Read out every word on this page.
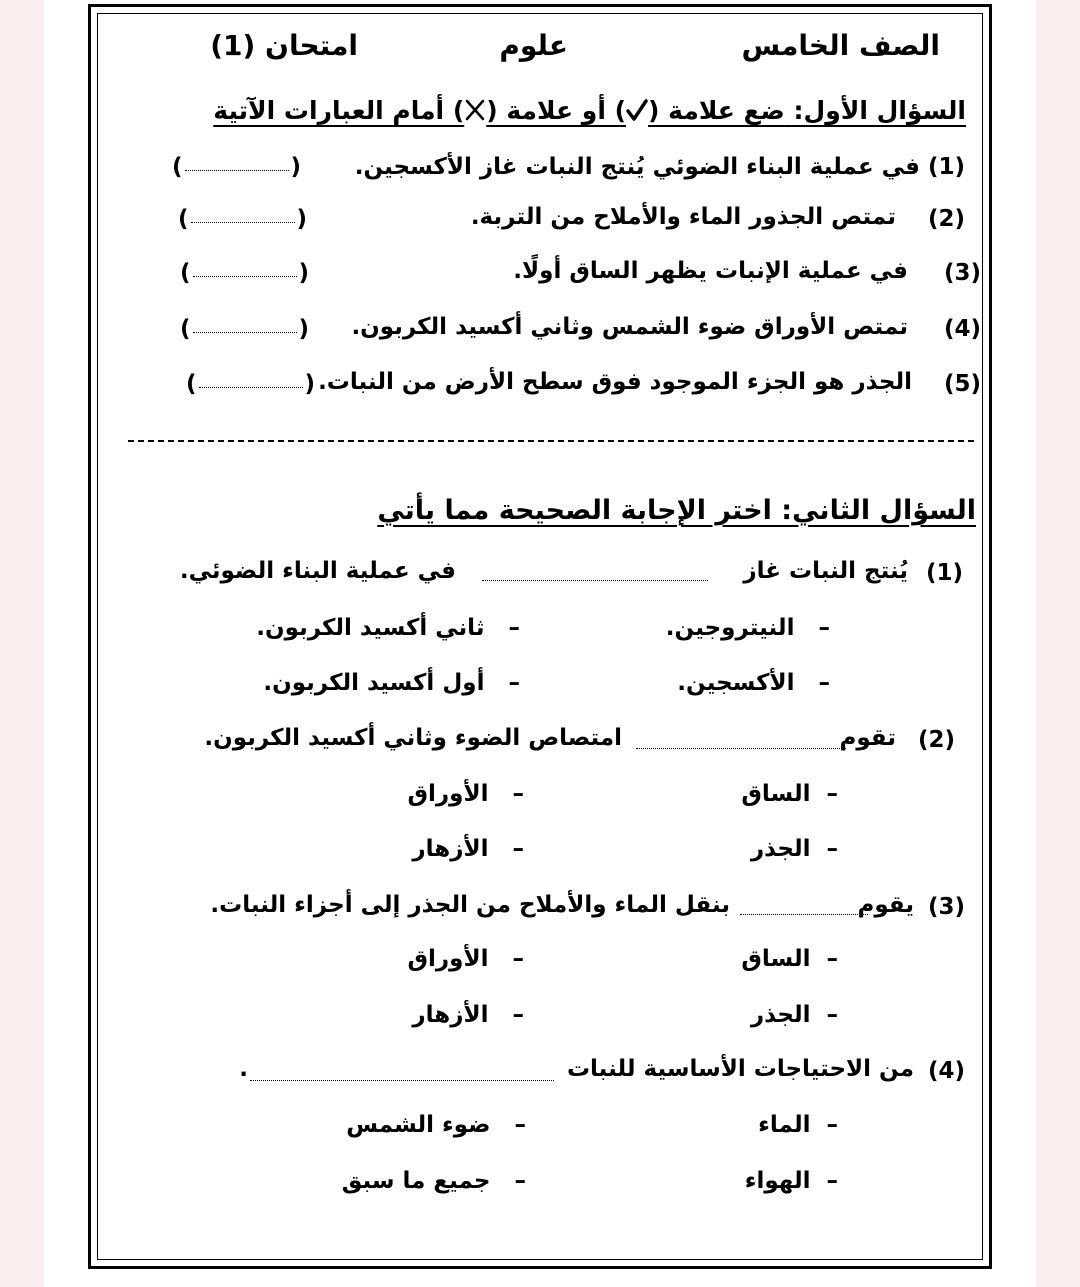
الصف الخامس
علوم
امتحان (1)
السؤال الأول: ضع علامة () أو علامة () أمام العبارات الآتية
(1)
في عملية البناء الضوئي يُنتج النبات غاز الأكسجين.
(	)
(2)
تمتص الجذور الماء والأملاح من التربة.
(	)
(3)
في عملية الإنبات يظهر الساق أولًا.
(	)
(4)
تمتص الأوراق ضوء الشمس وثاني أكسيد الكربون.
(	)
(5)
الجذر هو الجزء الموجود فوق سطح الأرض من النبات.
(	)
السؤال الثاني: اختر الإجابة الصحيحة مما يأتي
(1)
يُنتج النبات غاز
في عملية البناء الضوئي.
–   النيتروجين.
–   ثاني أكسيد الكربون.
–   الأكسجين.
–   أول أكسيد الكربون.
(2)
تقوم
امتصاص الضوء وثاني أكسيد الكربون.
–  الساق
–   الأوراق
–  الجذر
–   الأزهار
(3)
يقوم
بنقل الماء والأملاح من الجذر إلى أجزاء النبات.
–  الساق
–   الأوراق
–  الجذر
–   الأزهار
(4)
من الاحتياجات الأساسية للنبات
.
–  الماء
–   ضوء الشمس
–  الهواء
–   جميع ما سبق
